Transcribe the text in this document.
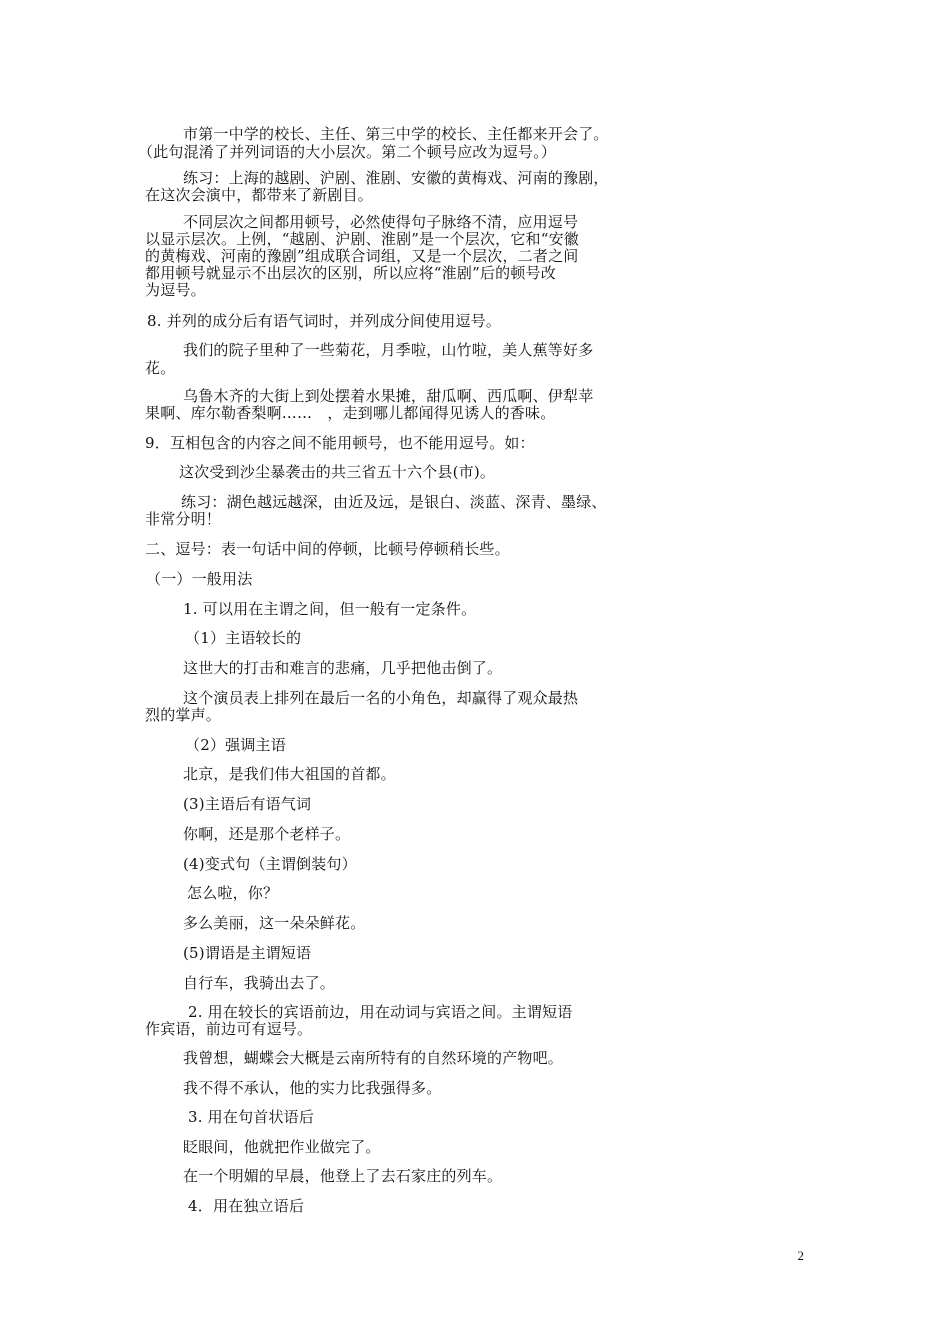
市第一中学的校长、主任、第三中学的校长、主任都来开会了。
（此句混淆了并列词语的大小层次。第二个顿号应改为逗号。）
练习：上海的越剧、沪剧、淮剧、安徽的黄梅戏、河南的豫剧，
在这次会演中，都带来了新剧目。
不同层次之间都用顿号，必然使得句子脉络不清，应用逗号
以显示层次。上例，“越剧、沪剧、淮剧”是一个层次，它和“安徽
的黄梅戏、河南的豫剧”组成联合词组，又是一个层次，二者之间
都用顿号就显示不出层次的区别，所以应将“淮剧”后的顿号改
为逗号。
8. 并列的成分后有语气词时，并列成分间使用逗号。
我们的院子里种了一些菊花，月季啦，山竹啦，美人蕉等好多
花。
乌鲁木齐的大街上到处摆着水果摊，甜瓜啊、西瓜啊、伊犁苹
果啊、库尔勒香梨啊……　，走到哪儿都闻得见诱人的香味。
9．互相包含的内容之间不能用顿号，也不能用逗号。如：
这次受到沙尘暴袭击的共三省五十六个县(市)。
练习：湖色越远越深，由近及远，是银白、淡蓝、深青、墨绿、
非常分明！
二、逗号：表一句话中间的停顿，比顿号停顿稍长些。
（一）一般用法
1. 可以用在主谓之间，但一般有一定条件。
（1）主语较长的
这世大的打击和难言的悲痛，几乎把他击倒了。
这个演员表上排列在最后一名的小角色，却赢得了观众最热
烈的掌声。
（2）强调主语
北京，是我们伟大祖国的首都。
(3)主语后有语气词
你啊，还是那个老样子。
(4)变式句（主谓倒装句）
怎么啦，你？
多么美丽，这一朵朵鲜花。
(5)谓语是主谓短语
自行车，我骑出去了。
2. 用在较长的宾语前边，用在动词与宾语之间。主谓短语
作宾语，前边可有逗号。
我曾想，蝴蝶会大概是云南所特有的自然环境的产物吧。
我不得不承认，他的实力比我强得多。
3. 用在句首状语后
眨眼间，他就把作业做完了。
在一个明媚的早晨，他登上了去石家庄的列车。
4．用在独立语后
2
